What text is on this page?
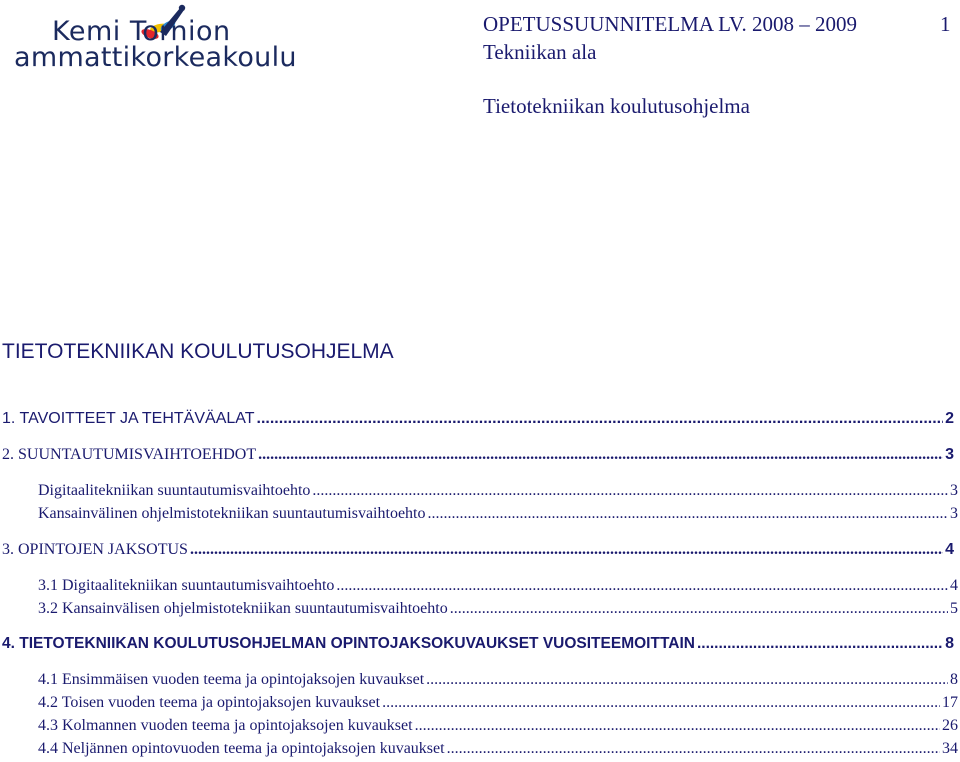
Kemi Tornion
ammattikorkeakoulu
OPETUSSUUNNITELMA LV. 2008 – 2009	1
Tekniikan ala
Tietotekniikan koulutusohjelma
TIETOTEKNIIKAN KOULUTUSOHJELMA
1. TAVOITTEET JA TEHTÄVÄALAT .....	2
2. SUUNTAUTUMISVAIHTOEHDOT .....	3
Digitaalitekniikan suuntautumisvaihtoehto .....	3
Kansainvälinen ohjelmistotekniikan suuntautumisvaihtoehto .....	3
3. OPINTOJEN JAKSOTUS .....	4
3.1 Digitaalitekniikan suuntautumisvaihtoehto .....	4
3.2 Kansainvälisen ohjelmistotekniikan suuntautumisvaihtoehto .....	5
4. TIETOTEKNIIKAN KOULUTUSOHJELMAN OPINTOJAKSOKUVAUKSET VUOSITEEMOITTAIN .....	8
4.1 Ensimmäisen vuoden teema ja opintojaksojen kuvaukset .....	8
4.2 Toisen vuoden teema ja opintojaksojen kuvaukset .....	17
4.3 Kolmannen vuoden teema ja opintojaksojen kuvaukset .....	26
4.4 Neljännen opintovuoden teema ja opintojaksojen kuvaukset .....	34
